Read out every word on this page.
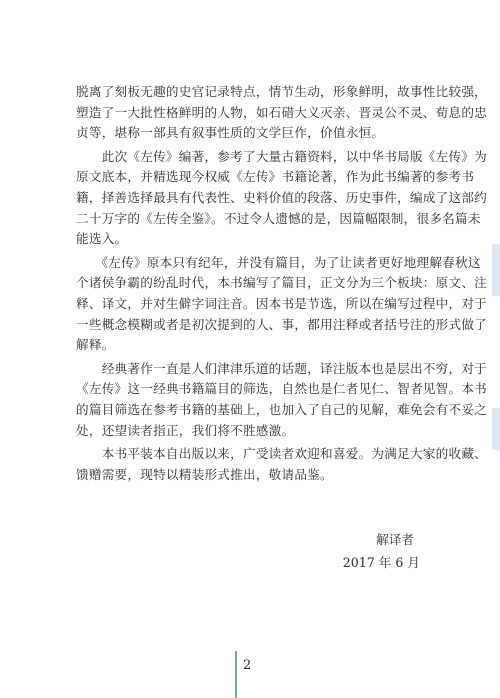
脱离了刻板无趣的史官记录特点，情节生动，形象鲜明，故事性比较强，
塑造了一大批性格鲜明的人物，如石碏大义灭亲、晋灵公不灵、荀息的忠
贞等，堪称一部具有叙事性质的文学巨作，价值永恒。

　　此次《左传》编著，参考了大量古籍资料，以中华书局版《左传》为
原文底本，并精选现今权威《左传》书籍论著，作为此书编著的参考书
籍，择善选择最具有代表性、史料价值的段落、历史事件，编成了这部约
二十万字的《左传全鉴》。不过令人遗憾的是，因篇幅限制，很多名篇未
能选入。

　　《左传》原本只有纪年，并没有篇目，为了让读者更好地理解春秋这
个诸侯争霸的纷乱时代，本书编写了篇目，正文分为三个板块：原文、注
释、译文，并对生僻字词注音。因本书是节选，所以在编写过程中，对于
一些概念模糊或者是初次提到的人、事，都用注释或者括号注的形式做了
解释。

　　经典著作一直是人们津津乐道的话题，译注版本也是层出不穷，对于
《左传》这一经典书籍篇目的筛选，自然也是仁者见仁、智者见智。本书
的篇目筛选在参考书籍的基础上，也加入了自己的见解，难免会有不妥之
处，还望读者指正，我们将不胜感激。

　　本书平装本自出版以来，广受读者欢迎和喜爱。为满足大家的收藏、
馈赠需要，现特以精装形式推出，敬请品鉴。

解译者
2017 年 6 月
2
